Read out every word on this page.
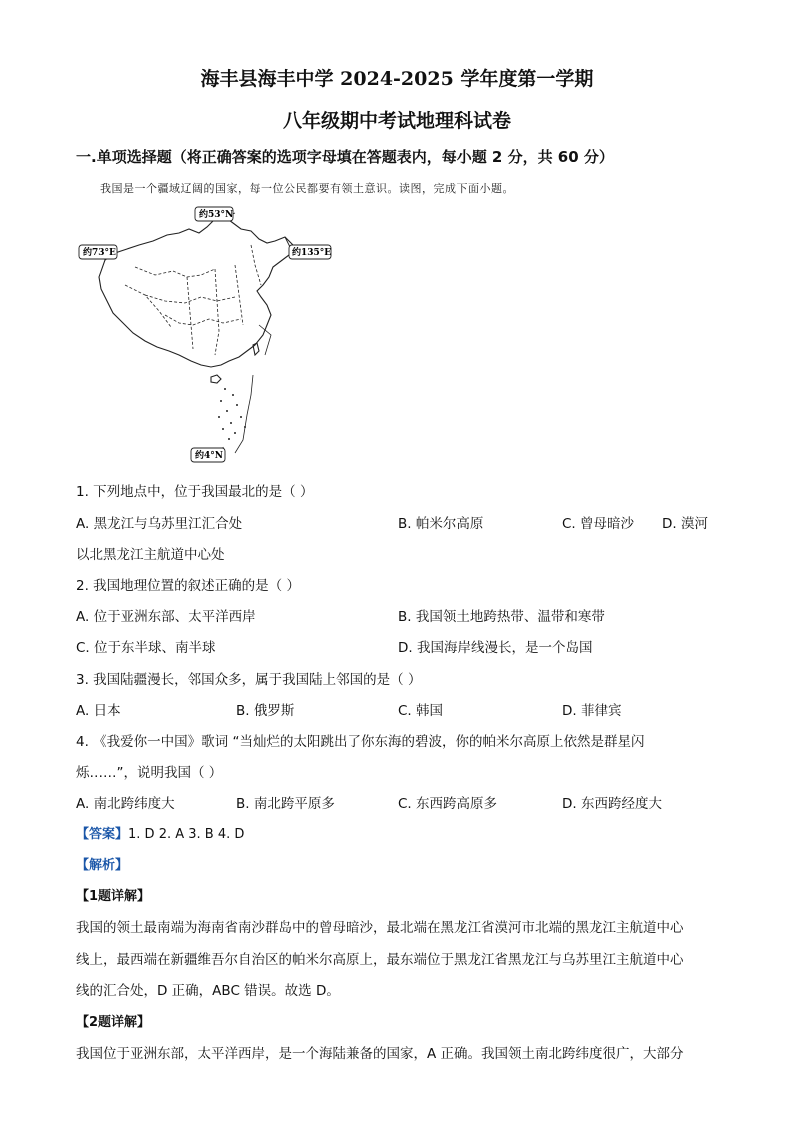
海丰县海丰中学 2024-2025 学年度第一学期
八年级期中考试地理科试卷
一.单项选择题（将正确答案的选项字母填在答题表内，每小题 2 分，共 60 分）
我国是一个疆域辽阔的国家，每一位公民都要有领土意识。读图，完成下面小题。
约53°N
约73°E	约135°E
约4°N
1. 下列地点中，位于我国最北的是（ ）
A. 黑龙江与乌苏里江汇合处	B. 帕米尔高原	C. 曾母暗沙 D. 漠河
以北黑龙江主航道中心处
2. 我国地理位置的叙述正确的是（ ）
A. 位于亚洲东部、太平洋西岸	B. 我国领土地跨热带、温带和寒带
C. 位于东半球、南半球	D. 我国海岸线漫长，是一个岛国
3. 我国陆疆漫长，邻国众多，属于我国陆上邻国的是（ ）
A. 日本	B. 俄罗斯	C. 韩国	D. 菲律宾
4. 《我爱你一中国》歌词 “当灿烂的太阳跳出了你东海的碧波，你的帕米尔高原上依然是群星闪
烁……”，说明我国（ ）
A. 南北跨纬度大	B. 南北跨平原多	C. 东西跨高原多	D. 东西跨经度大
【答案】1. D 2. A 3. B 4. D
【解析】
【1题详解】
我国的领土最南端为海南省南沙群岛中的曾母暗沙，最北端在黑龙江省漠河市北端的黑龙江主航道中心
线上，最西端在新疆维吾尔自治区的帕米尔高原上，最东端位于黑龙江省黑龙江与乌苏里江主航道中心
线的汇合处，D 正确，ABC 错误。故选 D。
【2题详解】
我国位于亚洲东部，太平洋西岸，是一个海陆兼备的国家，A 正确。我国领土南北跨纬度很广，大部分
